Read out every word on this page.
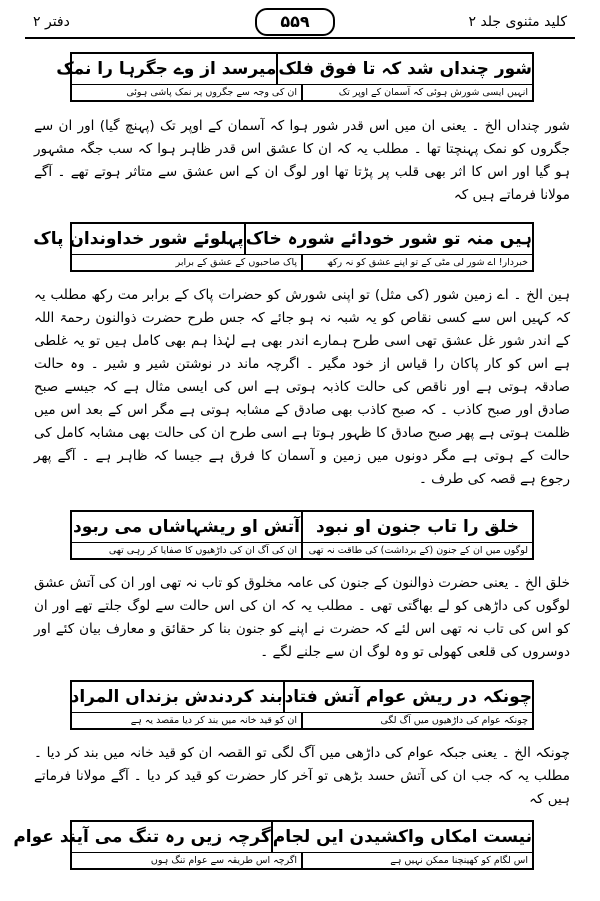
دفتر ۲	۵۵۹	کلید مثنوی جلد ۲
شور چنداں شد کہ تا فوق فلک
میرسد از وے جگرہا را نمک
انہیں ایسی شورش ہوئی کہ آسمان کے اوپر تک
ان کی وجہ سے جگروں پر نمک پاشی ہوئی

شور چنداں الخ ۔ یعنی ان میں اس قدر شور ہوا کہ آسمان کے اوپر تک (پہنچ گیا) اور ان سے جگروں کو نمک پہنچتا تھا ۔ مطلب یہ کہ ان کا عشق اس قدر ظاہر ہوا کہ سب جگہ مشہور ہو گیا اور اس کا اثر بھی قلب پر پڑتا تھا اور لوگ ان کے اس عشق سے متاثر ہوتے تھے ۔ آگے مولانا فرماتے ہیں کہ

ہیں منہ تو شور خودائے شورہ خاک
پہلوئے شور خداوندان پاک
خبردار! اے شور لی مٹی کے تو اپنے عشق کو نہ رکھ
پاک صاحبوں کے عشق کے برابر

ہین الخ ۔ اے زمین شور (کی مثل) تو اپنی شورش کو حضرات پاک کے برابر مت رکھ مطلب یہ کہ کہیں اس سے کسی نقاص کو یہ شبہ نہ ہو جائے کہ جس طرح حضرت ذوالنون رحمۃ اللہ کے اندر شور غل عشق تھی اسی طرح ہمارے اندر بھی ہے لہٰذا ہم بھی کامل ہیں تو یہ غلطی ہے اس کو کار پاکان را قیاس از خود مگیر ۔ اگرچہ ماند در نوشتن شیر و شیر ۔ وہ حالت صادقہ ہوتی ہے اور ناقص کی حالت کاذبہ ہوتی ہے اس کی ایسی مثال ہے کہ جیسے صبح صادق اور صبح کاذب ۔ کہ صبح کاذب بھی صادق کے مشابہ ہوتی ہے مگر اس کے بعد اس میں ظلمت ہوتی ہے پھر صبح صادق کا ظہور ہوتا ہے اسی طرح ان کی حالت بھی مشابہ کامل کی حالت کے ہوتی ہے مگر دونوں میں زمین و آسمان کا فرق ہے جیسا کہ ظاہر ہے ۔ آگے پھر رجوع ہے قصہ کی طرف ۔

خلق را تاب جنون او نبود
آتش او ریشہاشاں می ربود
لوگوں میں ان کے جنون (کے برداشت) کی طاقت نہ تھی
ان کی آگ ان کی داڑھیوں کا صفایا کر رہی تھی

خلق الخ ۔ یعنی حضرت ذوالنون کے جنون کی عامہ مخلوق کو تاب نہ تھی اور ان کی آتش عشق لوگوں کی داڑھی کو لے بھاگتی تھی ۔ مطلب یہ کہ ان کی اس حالت سے لوگ جلتے تھے اور ان کو اس کی تاب نہ تھی اس لئے کہ حضرت نے اپنے کو جنون بنا کر حقائق و معارف بیان کئے اور دوسروں کی قلعی کھولی تو وہ لوگ ان سے جلنے لگے ۔

چونکہ در ریش عوام آتش فتاد
بند کردندش بزنداں المراد
چونکہ عوام کی داڑھیوں میں آگ لگی
ان کو قید خانہ میں بند کر دیا مقصد یہ ہے

چونکہ الخ ۔ یعنی جبکہ عوام کی داڑھی میں آگ لگی تو القصہ ان کو قید خانہ میں بند کر دیا ۔ مطلب یہ کہ جب ان کی آتش حسد بڑھی تو آخر کار حضرت کو قید کر دیا ۔ آگے مولانا فرماتے ہیں کہ

نیست امکاں واکشیدن ایں لجام
گرچہ زیں رہ تنگ می آیند عوام
اس لگام کو کھینچنا ممکن نہیں ہے
اگرچہ اس طریقہ سے عوام تنگ ہوں
